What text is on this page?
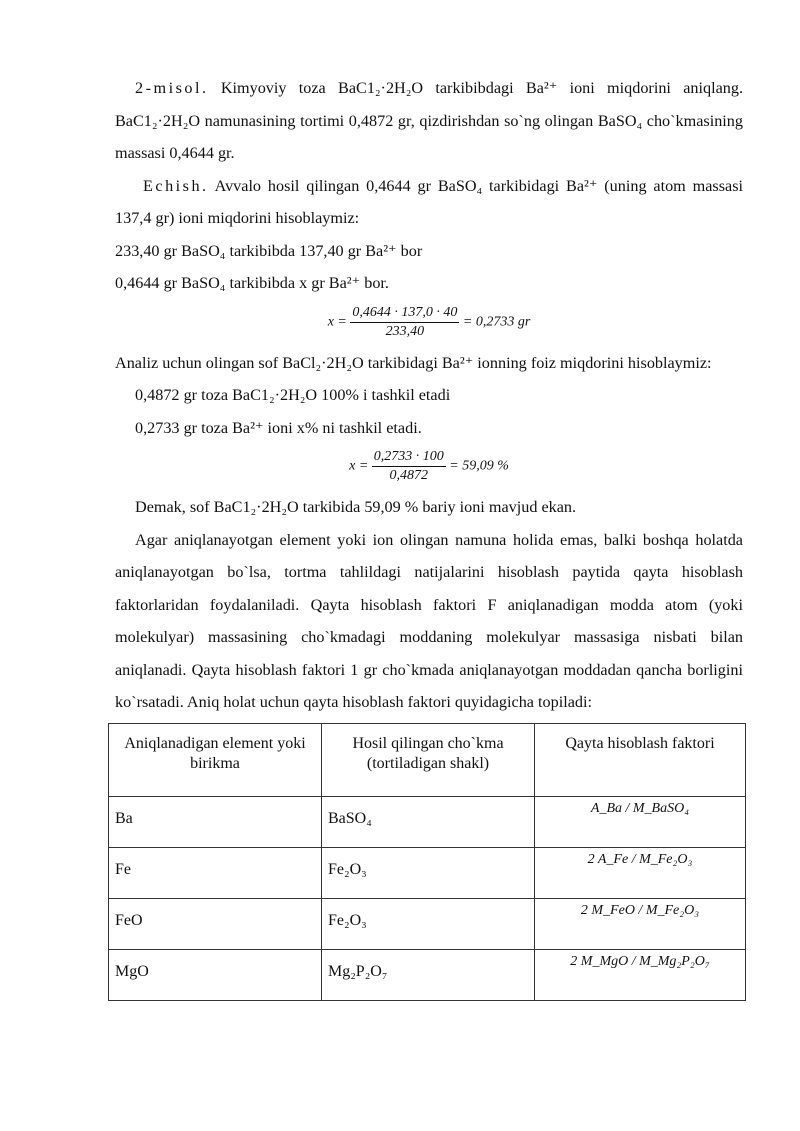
2-misol. Kimyoviy toza BaC1₂·2H₂O tarkibibdagi Ba²⁺ ioni miqdorini aniqlang. BaC1₂·2H₂O namunasining tortimi 0,4872 gr, qizdirishdan so`ng olingan BaSO₄ cho`kmasining massasi 0,4644 gr.

Echish. Avvalo hosil qilingan 0,4644 gr BaSO₄ tarkibidagi Ba²⁺ (uning atom massasi 137,4 gr) ioni miqdorini hisoblaymiz:

233,40 gr BaSO₄ tarkibibda 137,40 gr Ba²⁺ bor

0,4644 gr BaSO₄ tarkibibda x gr Ba²⁺ bor.

$x = \frac{0,4644 \cdot 137,0 \cdot 40}{233,40} = 0,2733$ gr

Analiz uchun olingan sof BaCl₂·2H₂O tarkibidagi Ba²⁺ ionning foiz miqdorini hisoblaymiz:

0,4872 gr toza BaC1₂·2H₂O 100% i tashkil etadi

0,2733 gr toza Ba²⁺ ioni x% ni tashkil etadi.

$x = \frac{0,2733 \cdot 100}{0,4872} = 59,09$ %

Demak, sof BaC1₂·2H₂O tarkibida 59,09 % bariy ioni mavjud ekan.

Agar aniqlanayotgan element yoki ion olingan namuna holida emas, balki boshqa holatda aniqlanayotgan bo`lsa, tortma tahlildagi natijalarini hisoblash paytida qayta hisoblash faktorlaridan foydalaniladi. Qayta hisoblash faktori F aniqlanadigan modda atom (yoki molekulyar) massasining cho`kmadagi moddaning molekulyar massasiga nisbati bilan aniqlanadi. Qayta hisoblash faktori 1 gr cho`kmada aniqlanayotgan moddadan qancha borligini ko`rsatadi. Aniq holat uchun qayta hisoblash faktori quyidagicha topiladi:

Aniqlanadigan element yoki birikma	Hosil qilingan cho`kma (tortiladigan shakl)	Qayta hisoblash faktori
Ba	BaSO₄	A_Ba / M_BaSO₄
Fe	Fe₂O₃	2 A_Fe / M_Fe₂O₃
FeO	Fe₂O₃	2 M_FeO / M_Fe₂O₃
MgO	Mg₂P₂O₇	2 M_MgO / M_Mg₂P₂O₇
